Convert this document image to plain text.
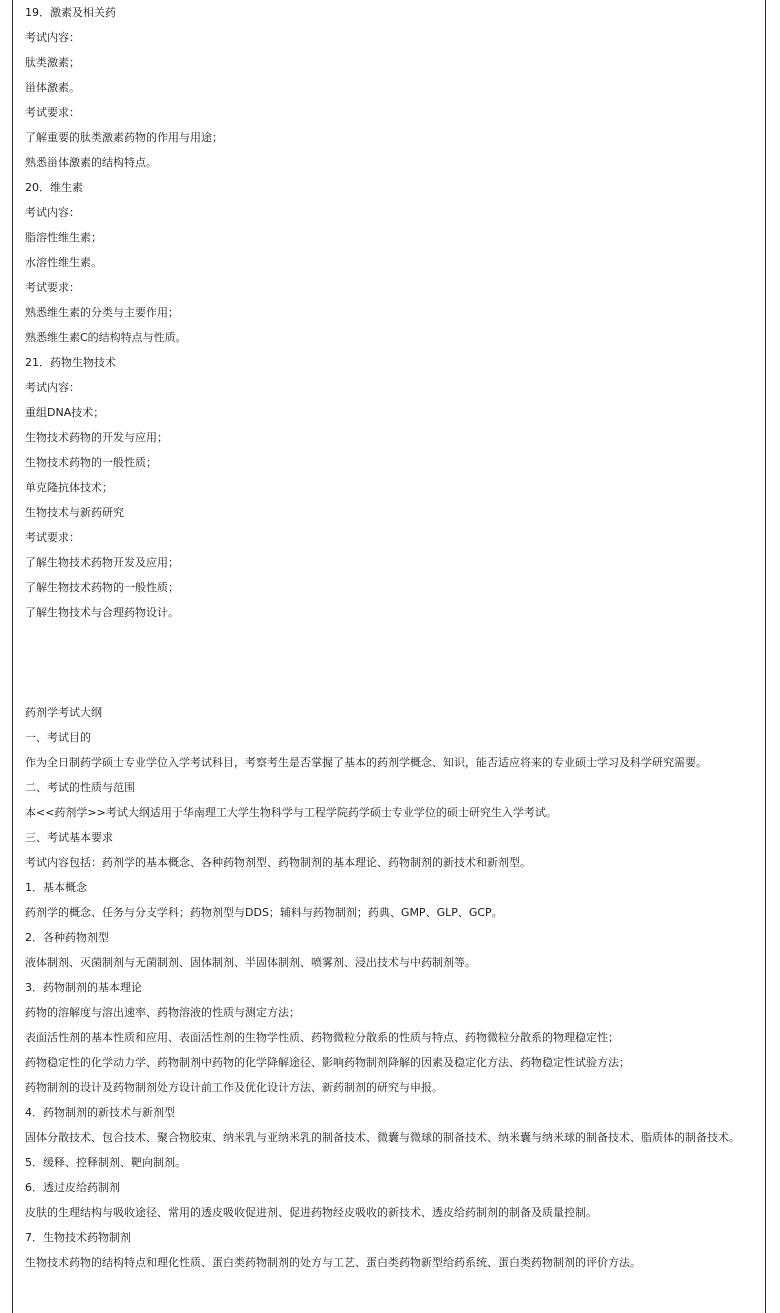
19．激素及相关药
考试内容：
肽类激素；
甾体激素。
考试要求：
了解重要的肽类激素药物的作用与用途；
熟悉甾体激素的结构特点。
20．维生素
考试内容：
脂溶性维生素；
水溶性维生素。
考试要求：
熟悉维生素的分类与主要作用；
熟悉维生素C的结构特点与性质。
21．药物生物技术
考试内容：
重组DNA技术；
生物技术药物的开发与应用；
生物技术药物的一般性质；
单克隆抗体技术；
生物技术与新药研究
考试要求：
了解生物技术药物开发及应用；
了解生物技术药物的一般性质；
了解生物技术与合理药物设计。
药剂学考试大纲
一、考试目的
作为全日制药学硕士专业学位入学考试科目，考察考生是否掌握了基本的药剂学概念、知识，能否适应将来的专业硕士学习及科学研究需要。
二、考试的性质与范围
本<<药剂学>>考试大纲适用于华南理工大学生物科学与工程学院药学硕士专业学位的硕士研究生入学考试。
三、考试基本要求
考试内容包括：药剂学的基本概念、各种药物剂型、药物制剂的基本理论、药物制剂的新技术和新剂型。
1．基本概念
药剂学的概念、任务与分支学科；药物剂型与DDS；辅料与药物制剂；药典、GMP、GLP、GCP。
2．各种药物剂型
液体制剂、灭菌制剂与无菌制剂、固体制剂、半固体制剂、喷雾剂、浸出技术与中药制剂等。
3．药物制剂的基本理论
药物的溶解度与溶出速率、药物溶液的性质与测定方法；
表面活性剂的基本性质和应用、表面活性剂的生物学性质、药物微粒分散系的性质与特点、药物微粒分散系的物理稳定性；
药物稳定性的化学动力学、药物制剂中药物的化学降解途径、影响药物制剂降解的因素及稳定化方法、药物稳定性试验方法；
药物制剂的设计及药物制剂处方设计前工作及优化设计方法、新药制剂的研究与申报。
4．药物制剂的新技术与新剂型
固体分散技术、包合技术、聚合物胶束、纳米乳与亚纳米乳的制备技术、微囊与微球的制备技术、纳米囊与纳米球的制备技术、脂质体的制备技术。
5．缓释、控释制剂、靶向制剂。
6．透过皮给药制剂
皮肤的生理结构与吸收途径、常用的透皮吸收促进剂、促进药物经皮吸收的新技术、透皮给药制剂的制备及质量控制。
7．生物技术药物制剂
生物技术药物的结构特点和理化性质、蛋白类药物制剂的处方与工艺、蛋白类药物新型给药系统、蛋白类药物制剂的评价方法。
